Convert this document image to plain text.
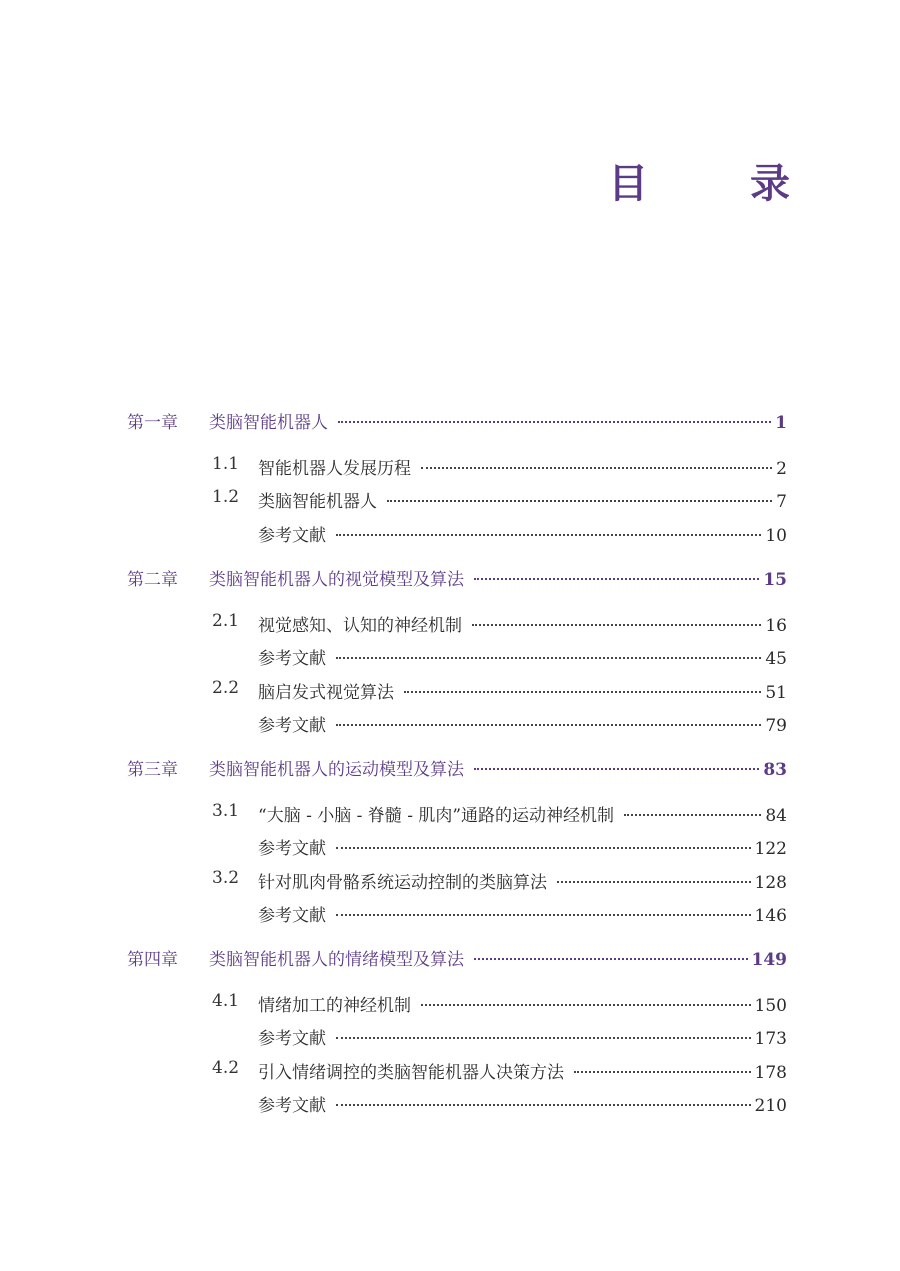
目 录
第一章 类脑智能机器人	1
1.1 智能机器人发展历程	2
1.2 类脑智能机器人	7
参考文献	10
第二章 类脑智能机器人的视觉模型及算法	15
2.1 视觉感知、认知的神经机制	16
参考文献	45
2.2 脑启发式视觉算法	51
参考文献	79
第三章 类脑智能机器人的运动模型及算法	83
3.1 “大脑 - 小脑 - 脊髓 - 肌肉”通路的运动神经机制	84
参考文献	122
3.2 针对肌肉骨骼系统运动控制的类脑算法	128
参考文献	146
第四章 类脑智能机器人的情绪模型及算法	149
4.1 情绪加工的神经机制	150
参考文献	173
4.2 引入情绪调控的类脑智能机器人决策方法	178
参考文献	210
